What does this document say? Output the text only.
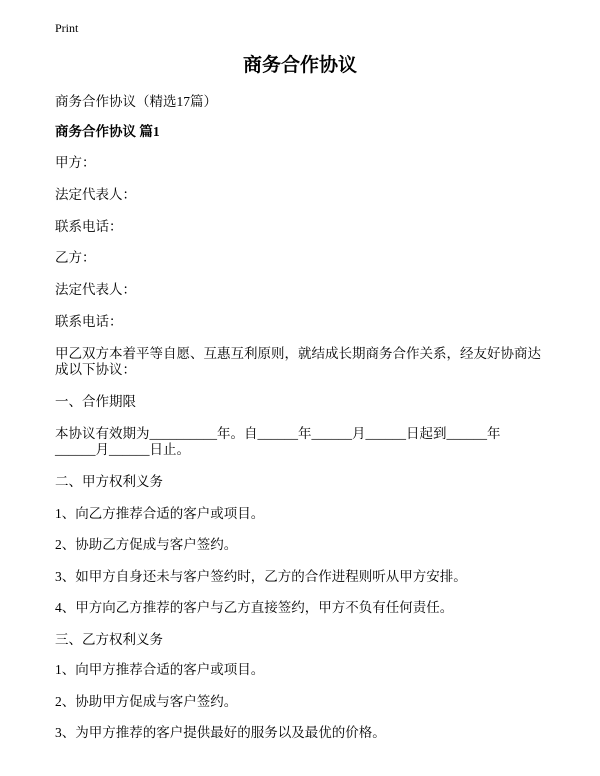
Print
商务合作协议
商务合作协议（精选17篇）
商务合作协议 篇1
甲方：
法定代表人：
联系电话：
乙方：
法定代表人：
联系电话：
甲乙双方本着平等自愿、互惠互利原则，就结成长期商务合作关系，经友好协商达
成以下协议：
一、合作期限
本协议有效期为__________年。自______年______月______日起到______年
______月______日止。
二、甲方权利义务
1、向乙方推荐合适的客户或项目。
2、协助乙方促成与客户签约。
3、如甲方自身还未与客户签约时，乙方的合作进程则听从甲方安排。
4、甲方向乙方推荐的客户与乙方直接签约，甲方不负有任何责任。
三、乙方权利义务
1、向甲方推荐合适的客户或项目。
2、协助甲方促成与客户签约。
3、为甲方推荐的客户提供最好的服务以及最优的价格。
